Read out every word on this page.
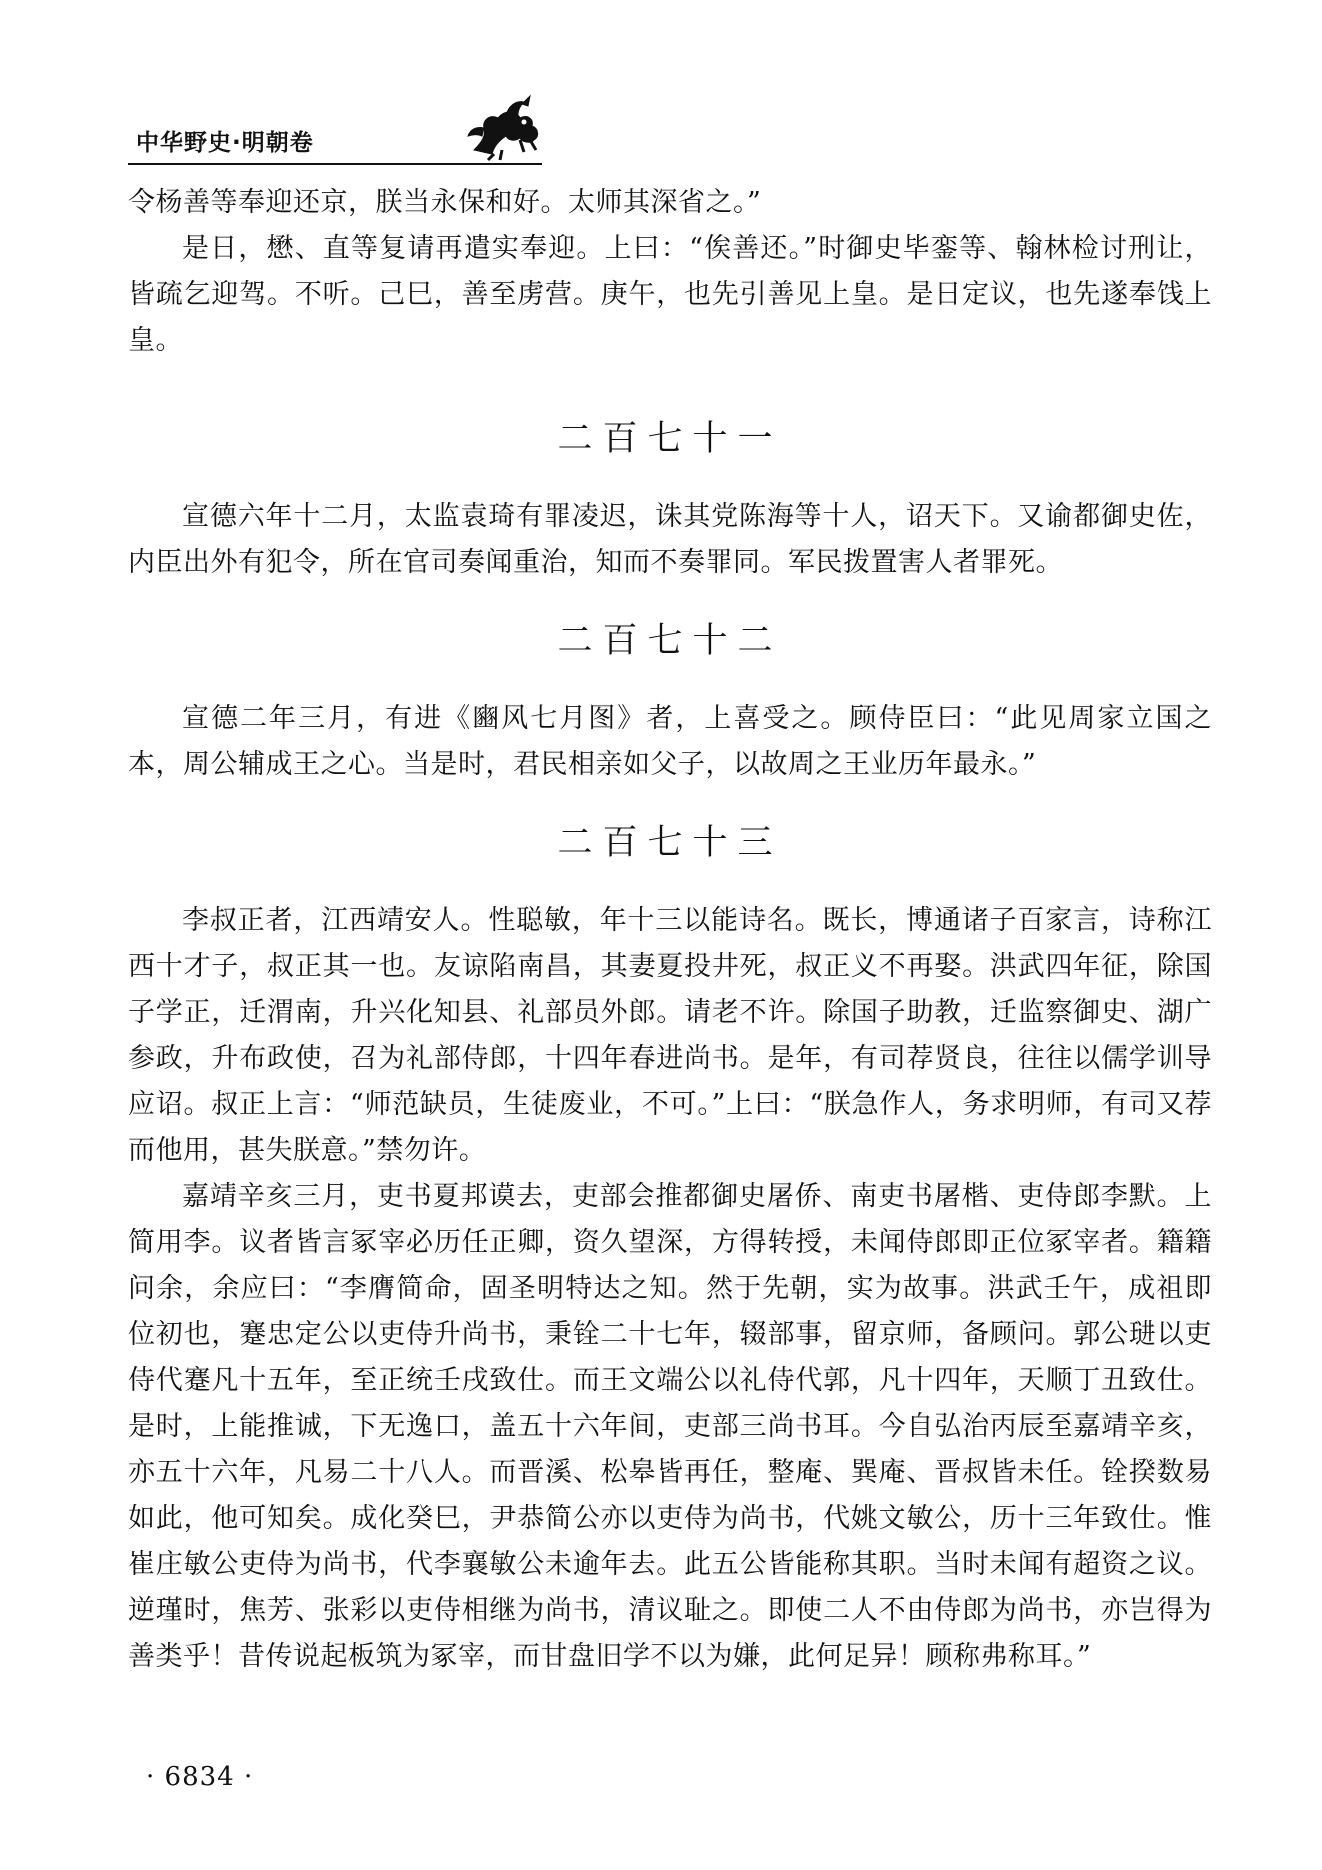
中华野史·明朝卷

令杨善等奉迎还京，朕当永保和好。太师其深省之。”

是日，懋、直等复请再遣实奉迎。上曰：“俟善还。”时御史毕銮等、翰林检讨刑让，皆疏乞迎驾。不听。己巳，善至虏营。庚午，也先引善见上皇。是日定议，也先遂奉饯上皇。

二百七十一

宣德六年十二月，太监袁琦有罪凌迟，诛其党陈海等十人，诏天下。又谕都御史佐，内臣出外有犯令，所在官司奏闻重治，知而不奏罪同。军民拨置害人者罪死。

二百七十二

宣德二年三月，有进《豳风七月图》者，上喜受之。顾侍臣曰：“此见周家立国之本，周公辅成王之心。当是时，君民相亲如父子，以故周之王业历年最永。”

二百七十三

李叔正者，江西靖安人。性聪敏，年十三以能诗名。既长，博通诸子百家言，诗称江西十才子，叔正其一也。友谅陷南昌，其妻夏投井死，叔正义不再娶。洪武四年征，除国子学正，迁渭南，升兴化知县、礼部员外郎。请老不许。除国子助教，迁监察御史、湖广参政，升布政使，召为礼部侍郎，十四年春进尚书。是年，有司荐贤良，往往以儒学训导应诏。叔正上言：“师范缺员，生徒废业，不可。”上曰：“朕急作人，务求明师，有司又荐而他用，甚失朕意。”禁勿许。

嘉靖辛亥三月，吏书夏邦谟去，吏部会推都御史屠侨、南吏书屠楷、吏侍郎李默。上简用李。议者皆言冢宰必历任正卿，资久望深，方得转授，未闻侍郎即正位冢宰者。籍籍问余，余应曰：“李膺简命，固圣明特达之知。然于先朝，实为故事。洪武壬午，成祖即位初也，蹇忠定公以吏侍升尚书，秉铨二十七年，辍部事，留京师，备顾问。郭公琎以吏侍代蹇凡十五年，至正统壬戌致仕。而王文端公以礼侍代郭，凡十四年，天顺丁丑致仕。是时，上能推诚，下无逸口，盖五十六年间，吏部三尚书耳。今自弘治丙辰至嘉靖辛亥，亦五十六年，凡易二十八人。而晋溪、松皋皆再任，整庵、巽庵、晋叔皆未任。铨揆数易如此，他可知矣。成化癸巳，尹恭简公亦以吏侍为尚书，代姚文敏公，历十三年致仕。惟崔庄敏公吏侍为尚书，代李襄敏公未逾年去。此五公皆能称其职。当时未闻有超资之议。逆瑾时，焦芳、张彩以吏侍相继为尚书，清议耻之。即使二人不由侍郎为尚书，亦岂得为善类乎！昔传说起板筑为冢宰，而甘盘旧学不以为嫌，此何足异！顾称弗称耳。”

· 6834 ·
